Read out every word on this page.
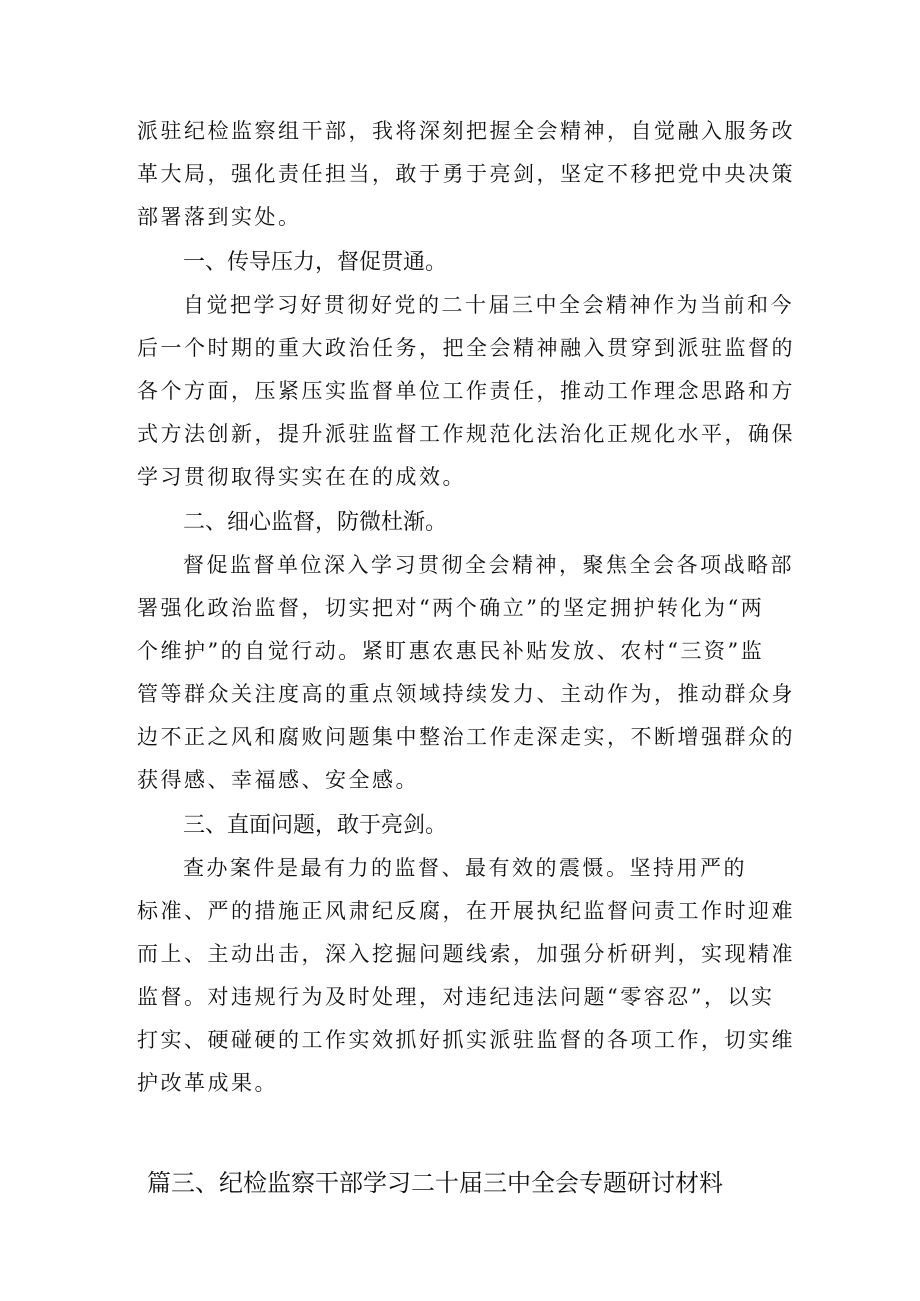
派驻纪检监察组干部，我将深刻把握全会精神，自觉融入服务改
革大局，强化责任担当，敢于勇于亮剑，坚定不移把党中央决策
部署落到实处。
一、传导压力，督促贯通。
自觉把学习好贯彻好党的二十届三中全会精神作为当前和今
后一个时期的重大政治任务，把全会精神融入贯穿到派驻监督的
各个方面，压紧压实监督单位工作责任，推动工作理念思路和方
式方法创新，提升派驻监督工作规范化法治化正规化水平，确保
学习贯彻取得实实在在的成效。
二、细心监督，防微杜渐。
督促监督单位深入学习贯彻全会精神，聚焦全会各项战略部
署强化政治监督，切实把对“两个确立”的坚定拥护转化为“两
个维护”的自觉行动。紧盯惠农惠民补贴发放、农村“三资”监
管等群众关注度高的重点领域持续发力、主动作为，推动群众身
边不正之风和腐败问题集中整治工作走深走实，不断增强群众的
获得感、幸福感、安全感。
三、直面问题，敢于亮剑。
查办案件是最有力的监督、最有效的震慑。坚持用严的
标准、严的措施正风肃纪反腐，在开展执纪监督问责工作时迎难
而上、主动出击，深入挖掘问题线索，加强分析研判，实现精准
监督。对违规行为及时处理，对违纪违法问题“零容忍”，以实
打实、硬碰硬的工作实效抓好抓实派驻监督的各项工作，切实维
护改革成果。
篇三、纪检监察干部学习二十届三中全会专题研讨材料
